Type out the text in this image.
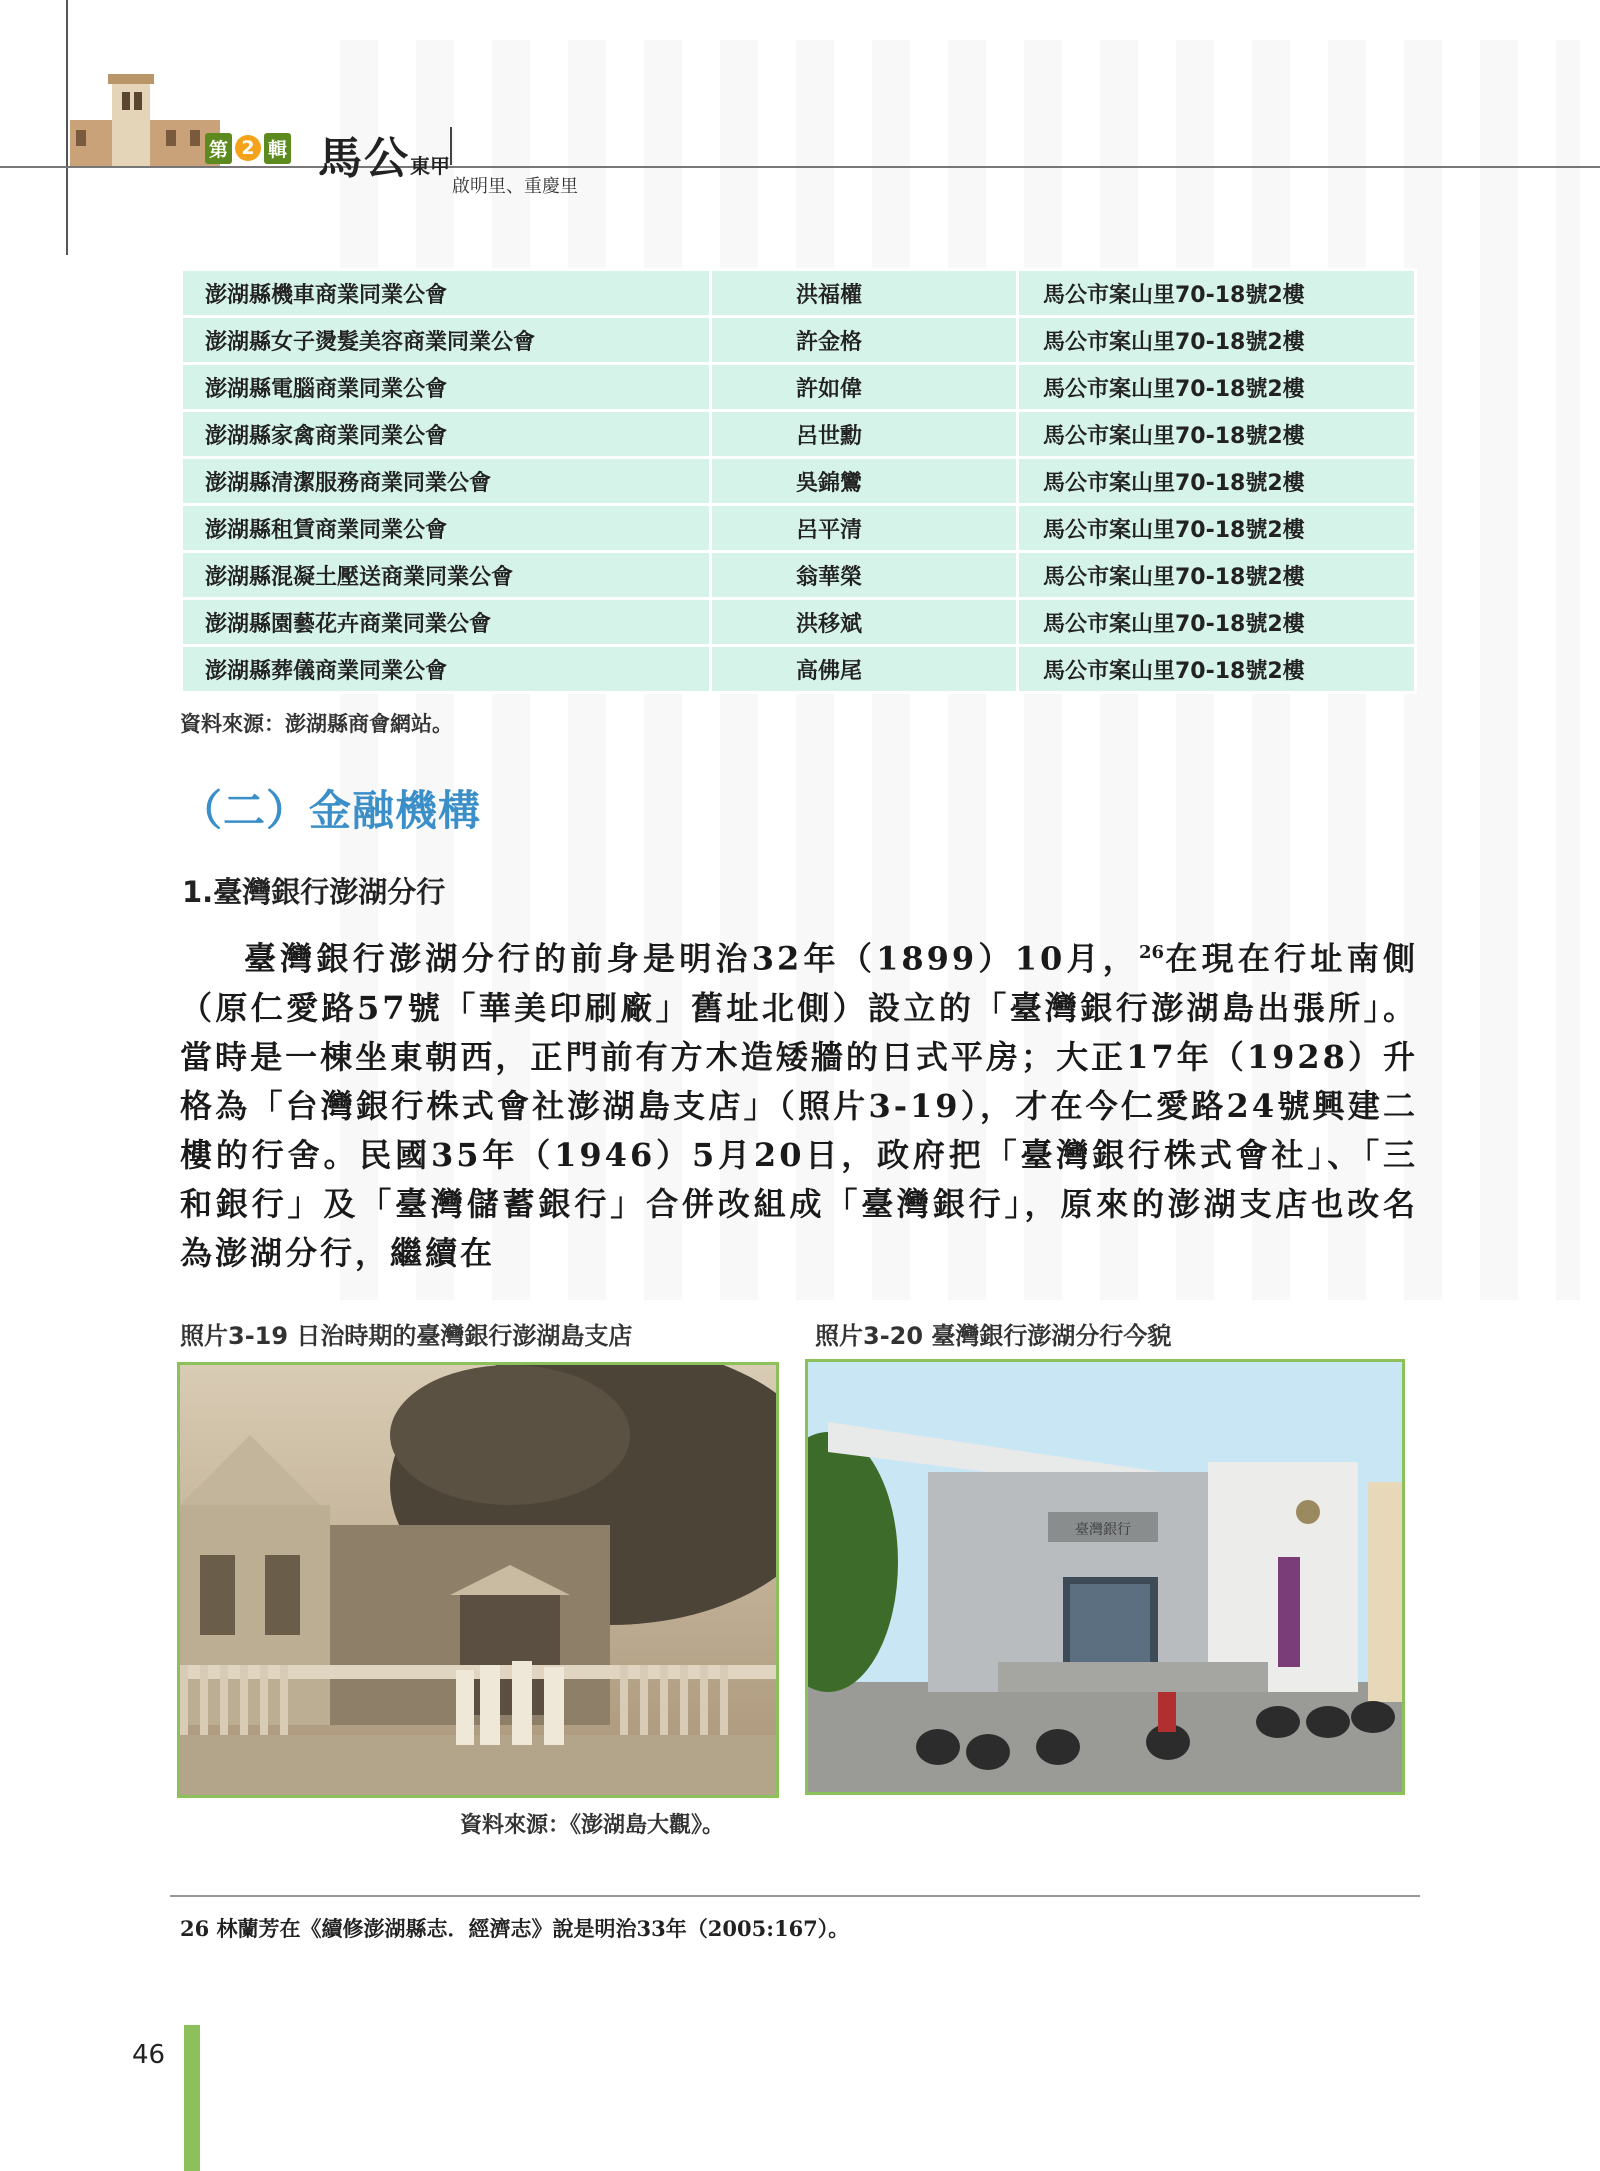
第 2 輯 馬公東甲
啟明里、重慶里
澎湖縣機車商業同業公會	洪福權	馬公市案山里70-18號2樓
澎湖縣女子燙髮美容商業同業公會	許金格	馬公市案山里70-18號2樓
澎湖縣電腦商業同業公會	許如偉	馬公市案山里70-18號2樓
澎湖縣家禽商業同業公會	呂世勳	馬公市案山里70-18號2樓
澎湖縣清潔服務商業同業公會	吳錦鸞	馬公市案山里70-18號2樓
澎湖縣租賃商業同業公會	呂平清	馬公市案山里70-18號2樓
澎湖縣混凝土壓送商業同業公會	翁華榮	馬公市案山里70-18號2樓
澎湖縣園藝花卉商業同業公會	洪移斌	馬公市案山里70-18號2樓
澎湖縣葬儀商業同業公會	高佛尾	馬公市案山里70-18號2樓
資料來源：澎湖縣商會網站。
（二）金融機構
1.臺灣銀行澎湖分行

臺灣銀行澎湖分行的前身是明治32年（1899）10月，$^{26}$在現在行址南側（原仁愛路57號「華美印刷廠」舊址北側）設立的「臺灣銀行澎湖島出張所」。當時是一棟坐東朝西，正門前有方木造矮牆的日式平房；大正17年（1928）升格為「台灣銀行株式會社澎湖島支店」（照片3-19），才在今仁愛路24號興建二樓的行舍。民國35年（1946）5月20日，政府把「臺灣銀行株式會社」、「三和銀行」及「臺灣儲蓄銀行」合併改組成「臺灣銀行」，原來的澎湖支店也改名為澎湖分行，繼續在

照片3-19 日治時期的臺灣銀行澎湖島支店	照片3-20 臺灣銀行澎湖分行今貌
臺灣銀行
資料來源：《澎湖島大觀》。
26 林蘭芳在《續修澎湖縣志．經濟志》說是明治33年（2005:167）。
46
